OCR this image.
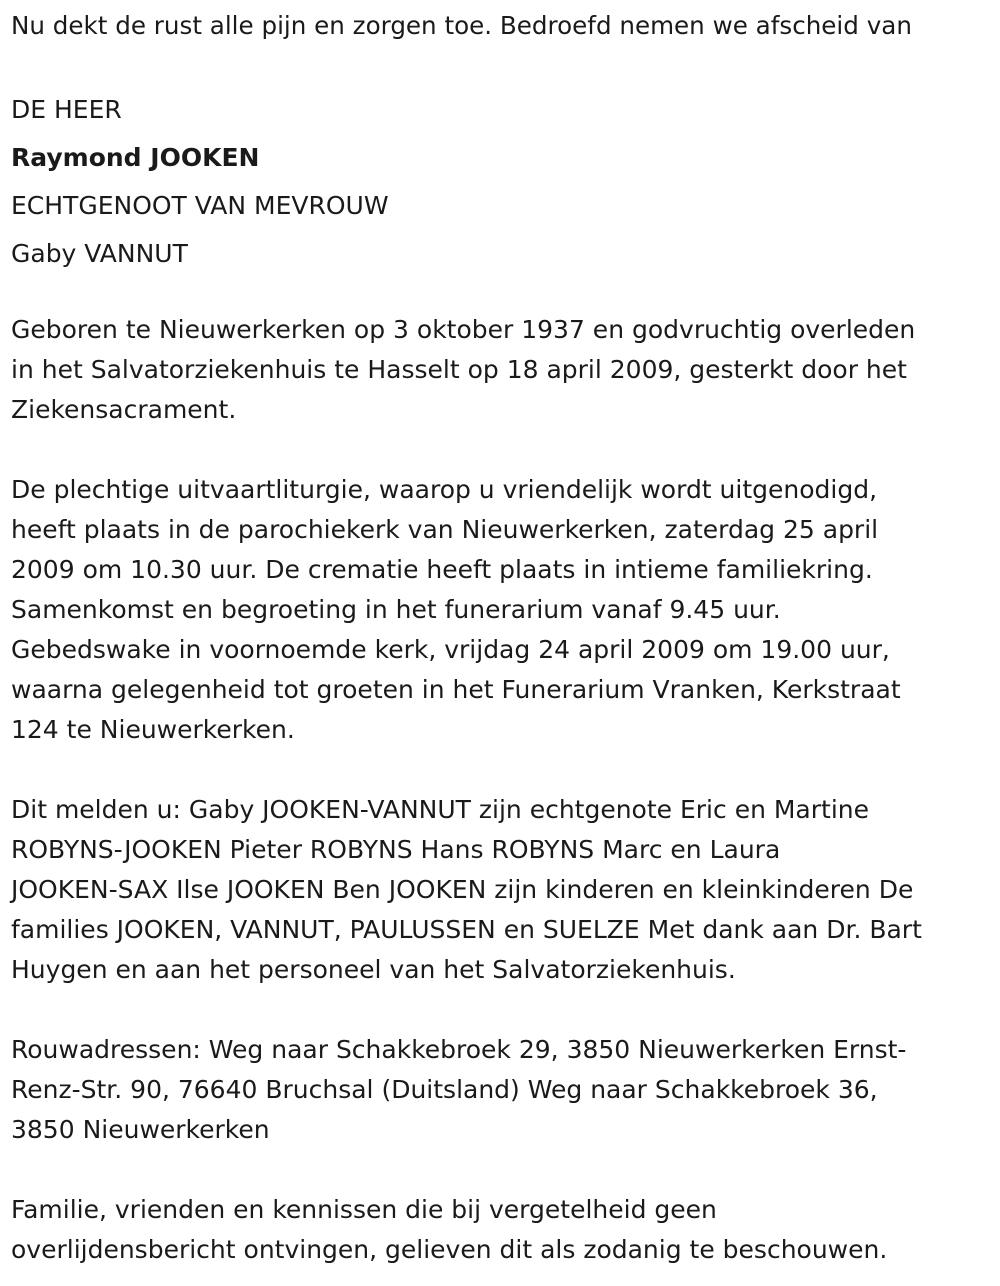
Nu dekt de rust alle pijn en zorgen toe. Bedroefd nemen we afscheid van

DE HEER

Raymond JOOKEN

ECHTGENOOT VAN MEVROUW

Gaby VANNUT

Geboren te Nieuwerkerken op 3 oktober 1937 en godvruchtig overleden
in het Salvatorziekenhuis te Hasselt op 18 april 2009, gesterkt door het
Ziekensacrament.

De plechtige uitvaartliturgie, waarop u vriendelijk wordt uitgenodigd,
heeft plaats in de parochiekerk van Nieuwerkerken, zaterdag 25 april
2009 om 10.30 uur. De crematie heeft plaats in intieme familiekring.
Samenkomst en begroeting in het funerarium vanaf 9.45 uur.
Gebedswake in voornoemde kerk, vrijdag 24 april 2009 om 19.00 uur,
waarna gelegenheid tot groeten in het Funerarium Vranken, Kerkstraat
124 te Nieuwerkerken.

Dit melden u: Gaby JOOKEN-VANNUT zijn echtgenote Eric en Martine
ROBYNS-JOOKEN Pieter ROBYNS Hans ROBYNS Marc en Laura
JOOKEN-SAX Ilse JOOKEN Ben JOOKEN zijn kinderen en kleinkinderen De
families JOOKEN, VANNUT, PAULUSSEN en SUELZE Met dank aan Dr. Bart
Huygen en aan het personeel van het Salvatorziekenhuis.

Rouwadressen: Weg naar Schakkebroek 29, 3850 Nieuwerkerken Ernst-
Renz-Str. 90, 76640 Bruchsal (Duitsland) Weg naar Schakkebroek 36,
3850 Nieuwerkerken

Familie, vrienden en kennissen die bij vergetelheid geen
overlijdensbericht ontvingen, gelieven dit als zodanig te beschouwen.
